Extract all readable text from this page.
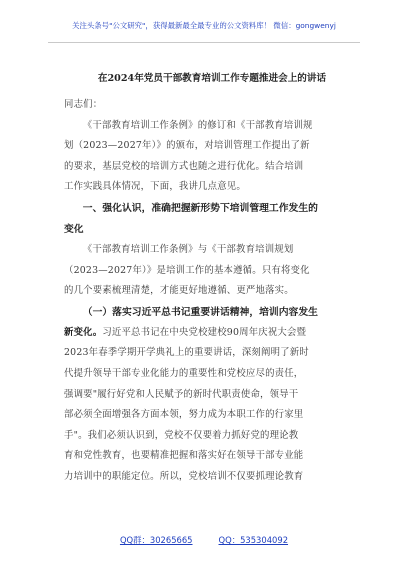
关注头条号"公文研究"，获得最新最全最专业的公文资料库！ 微信：gongwenyj
在2024年党员干部教育培训工作专题推进会上的讲话
同志们：
《干部教育培训工作条例》的修订和《干部教育培训规
划（2023—2027年）》的颁布，对培训管理工作提出了新
的要求，基层党校的培训方式也随之进行优化。结合培训
工作实践具体情况，下面，我讲几点意见。
一、强化认识，准确把握新形势下培训管理工作发生的
变化
《干部教育培训工作条例》与《干部教育培训规划
（2023—2027年）》是培训工作的基本遵循。只有将变化
的几个要素梳理清楚，才能更好地遵循、更严地落实。
（一）落实习近平总书记重要讲话精神，培训内容发生
新变化。习近平总书记在中央党校建校90周年庆祝大会暨
2023年春季学期开学典礼上的重要讲话，深刻阐明了新时
代提升领导干部专业化能力的重要性和党校应尽的责任，
强调要"履行好党和人民赋予的新时代职责使命，领导干
部必须全面增强各方面本领，努力成为本职工作的行家里
手"。我们必须认识到，党校不仅要着力抓好党的理论教
育和党性教育，也要精准把握和落实好在领导干部专业能
力培训中的职能定位。所以，党校培训不仅要抓理论教育
QQ群：30265665	QQ：535304092
